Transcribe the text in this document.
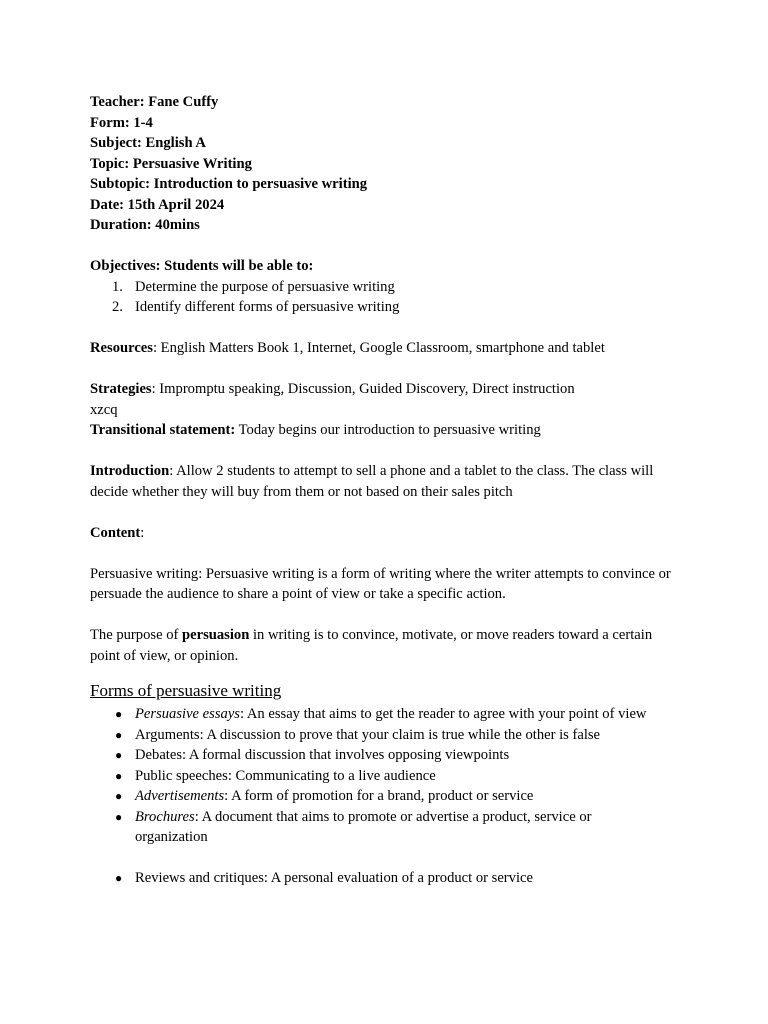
Teacher: Fane Cuffy
Form: 1-4
Subject: English A
Topic: Persuasive Writing
Subtopic: Introduction to persuasive writing
Date: 15th April 2024
Duration: 40mins
Objectives: Students will be able to:
1. Determine the purpose of persuasive writing
2. Identify different forms of persuasive writing
Resources: English Matters Book 1, Internet, Google Classroom, smartphone and tablet
Strategies: Impromptu speaking, Discussion, Guided Discovery, Direct instruction
xzcq
Transitional statement: Today begins our introduction to persuasive writing
Introduction: Allow 2 students to attempt to sell a phone and a tablet to the class. The class will decide whether they will buy from them or not based on their sales pitch
Content:
Persuasive writing: Persuasive writing is a form of writing where the writer attempts to convince or persuade the audience to share a point of view or take a specific action.
The purpose of persuasion in writing is to convince, motivate, or move readers toward a certain point of view, or opinion.
Forms of persuasive writing
● Persuasive essays: An essay that aims to get the reader to agree with your point of view
● Arguments: A discussion to prove that your claim is true while the other is false
● Debates: A formal discussion that involves opposing viewpoints
● Public speeches: Communicating to a live audience
● Advertisements: A form of promotion for a brand, product or service
● Brochures: A document that aims to promote or advertise a product, service or organization
● Reviews and critiques: A personal evaluation of a product or service
